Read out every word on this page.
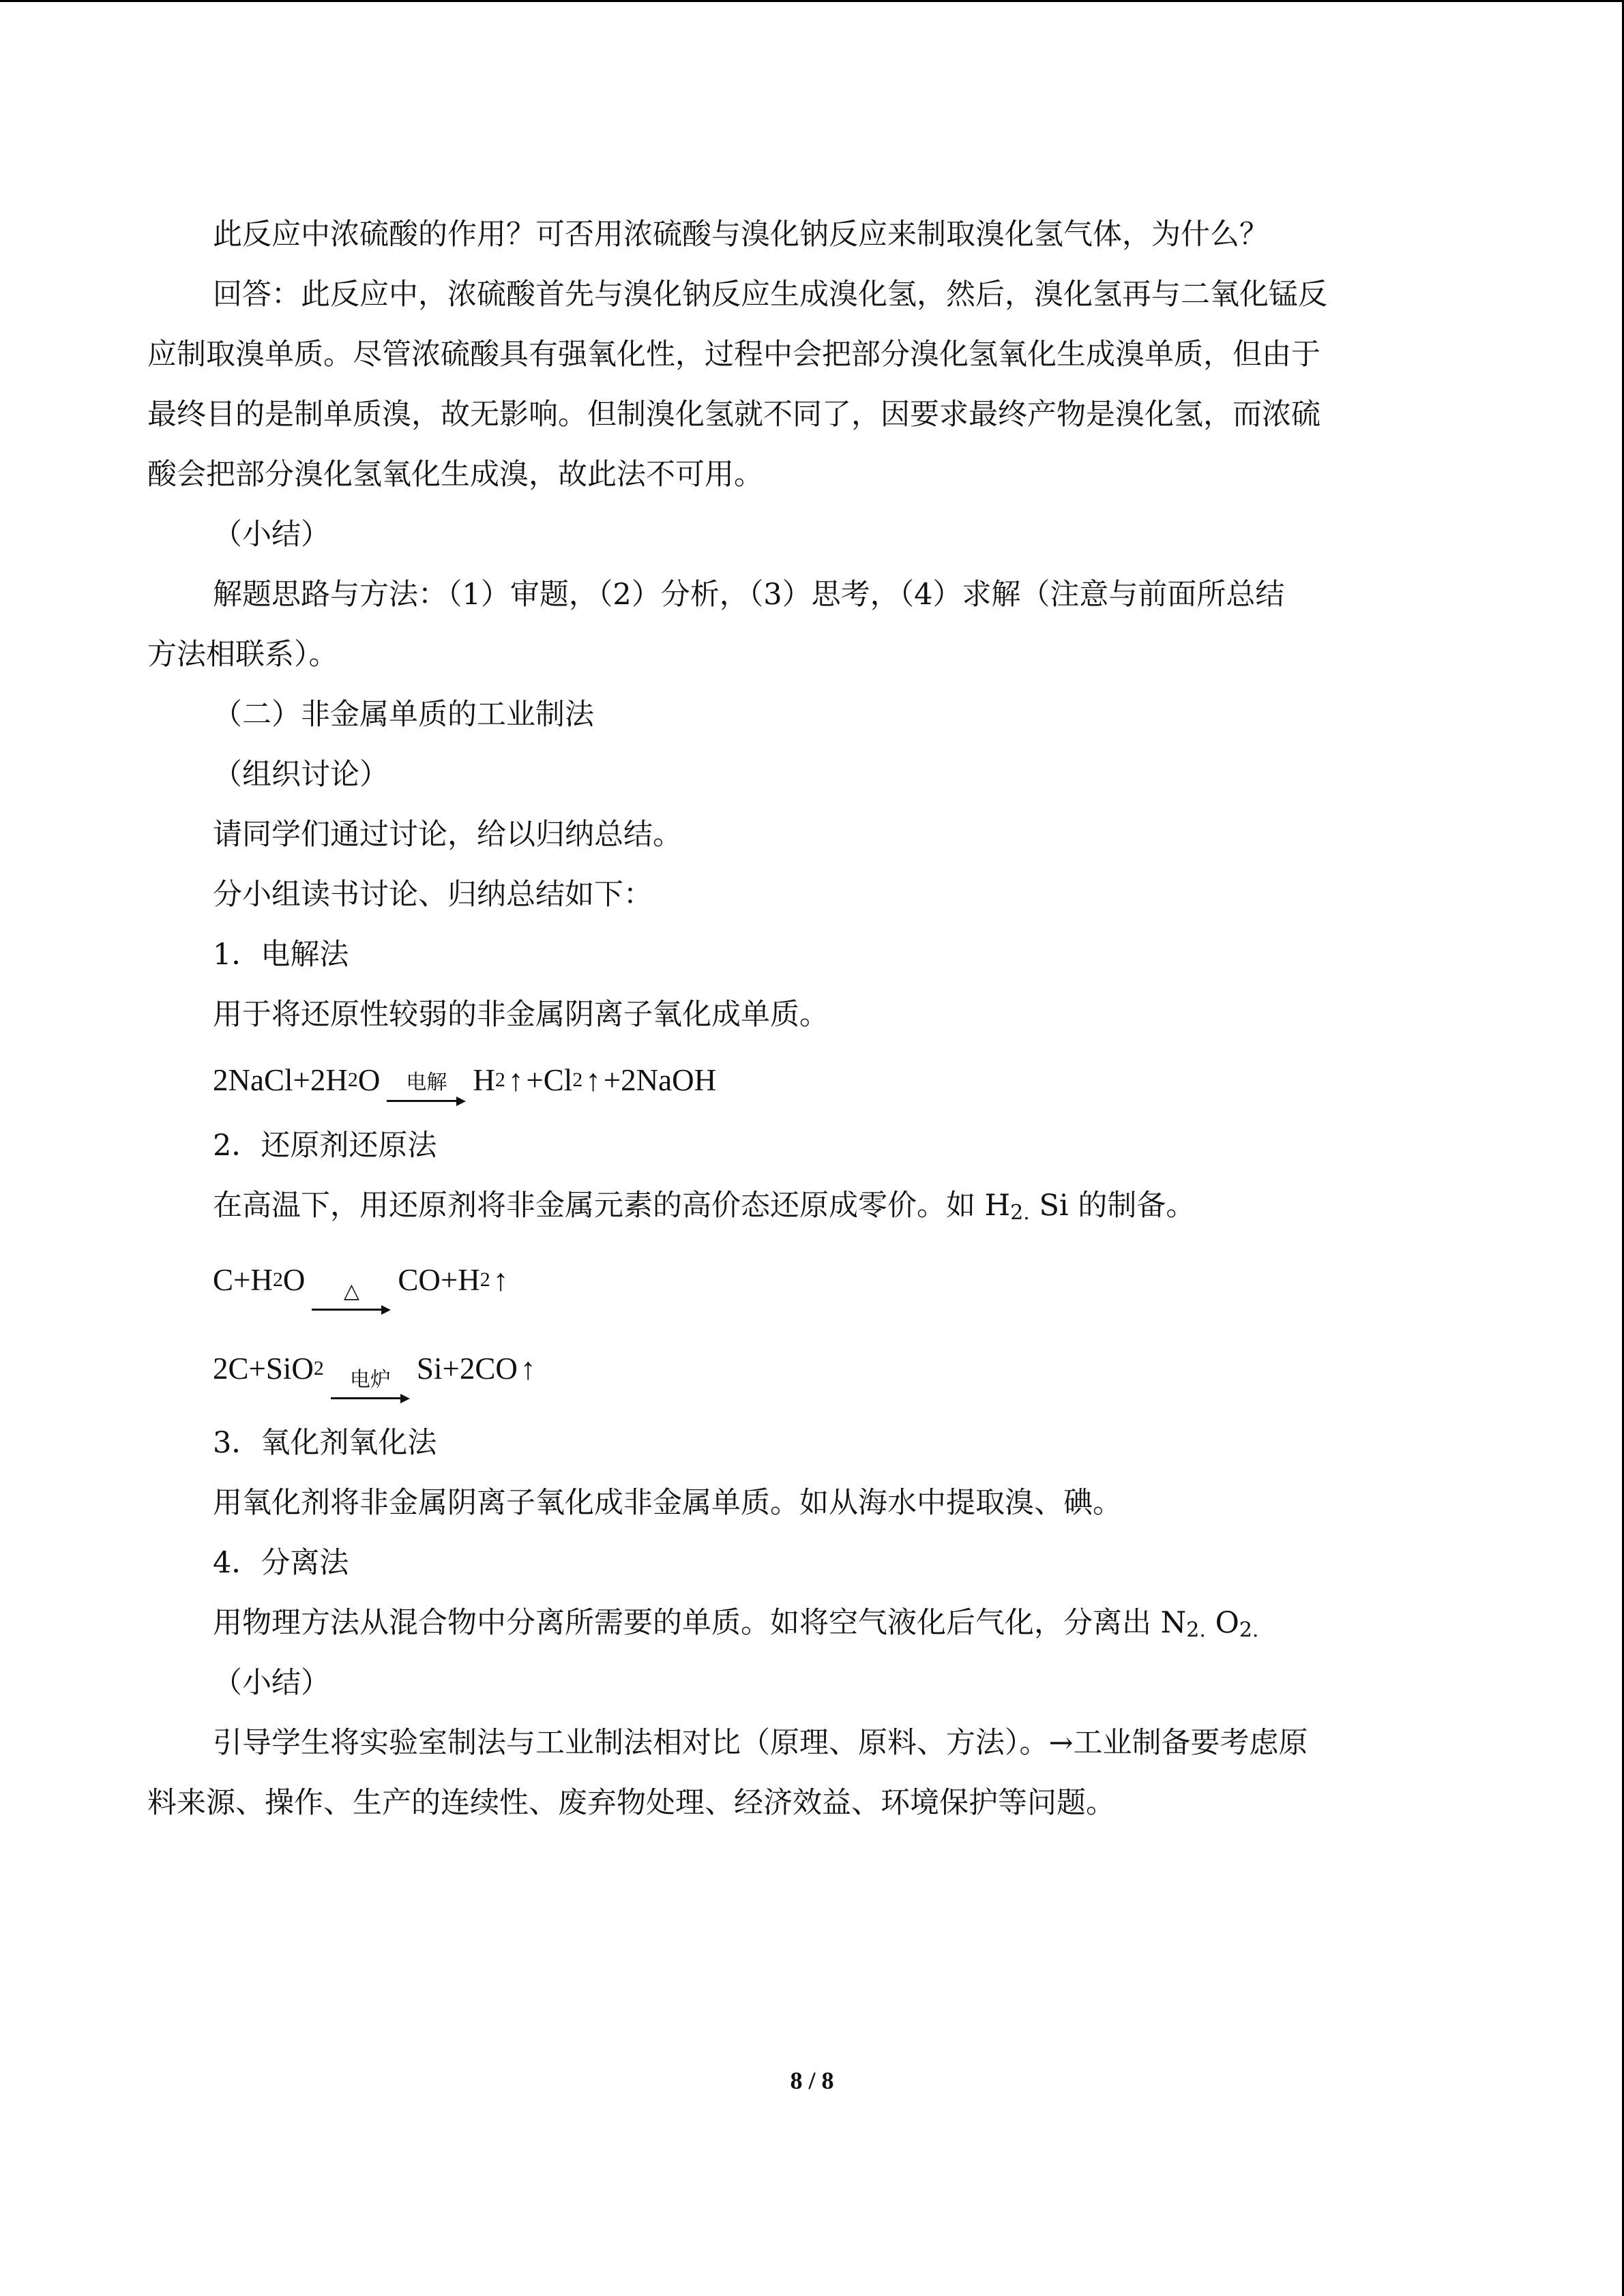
此反应中浓硫酸的作用？可否用浓硫酸与溴化钠反应来制取溴化氢气体，为什么？
回答：此反应中，浓硫酸首先与溴化钠反应生成溴化氢，然后，溴化氢再与二氧化锰反
应制取溴单质。尽管浓硫酸具有强氧化性，过程中会把部分溴化氢氧化生成溴单质，但由于
最终目的是制单质溴，故无影响。但制溴化氢就不同了，因要求最终产物是溴化氢，而浓硫
酸会把部分溴化氢氧化生成溴，故此法不可用。
（小结）
解题思路与方法：（1）审题，（2）分析，（3）思考，（4）求解（注意与前面所总结
方法相联系）。
（二）非金属单质的工业制法
（组织讨论）
请同学们通过讨论，给以归纳总结。
分小组读书讨论、归纳总结如下：
1．电解法
用于将还原性较弱的非金属阴离子氧化成单质。
2NaCl+2H 2 O	电解 H 2 ↑ +Cl 2 ↑ +2NaOH
2．还原剂还原法
在高温下，用还原剂将非金属元素的高价态还原成零价。如 $H_{2.}$ Si 的制备。
C+H 2 O	△	CO+H 2 ↑
2C+SiO 2	电炉 Si+2CO ↑
3．氧化剂氧化法
用氧化剂将非金属阴离子氧化成非金属单质。如从海水中提取溴、碘。
4．分离法
用物理方法从混合物中分离所需要的单质。如将空气液化后气化，分离出 $N_{2.}$ $O_{2.}$
（小结）
引导学生将实验室制法与工业制法相对比（原理、原料、方法）。→工业制备要考虑原
料来源、操作、生产的连续性、废弃物处理、经济效益、环境保护等问题。
8 / 8
